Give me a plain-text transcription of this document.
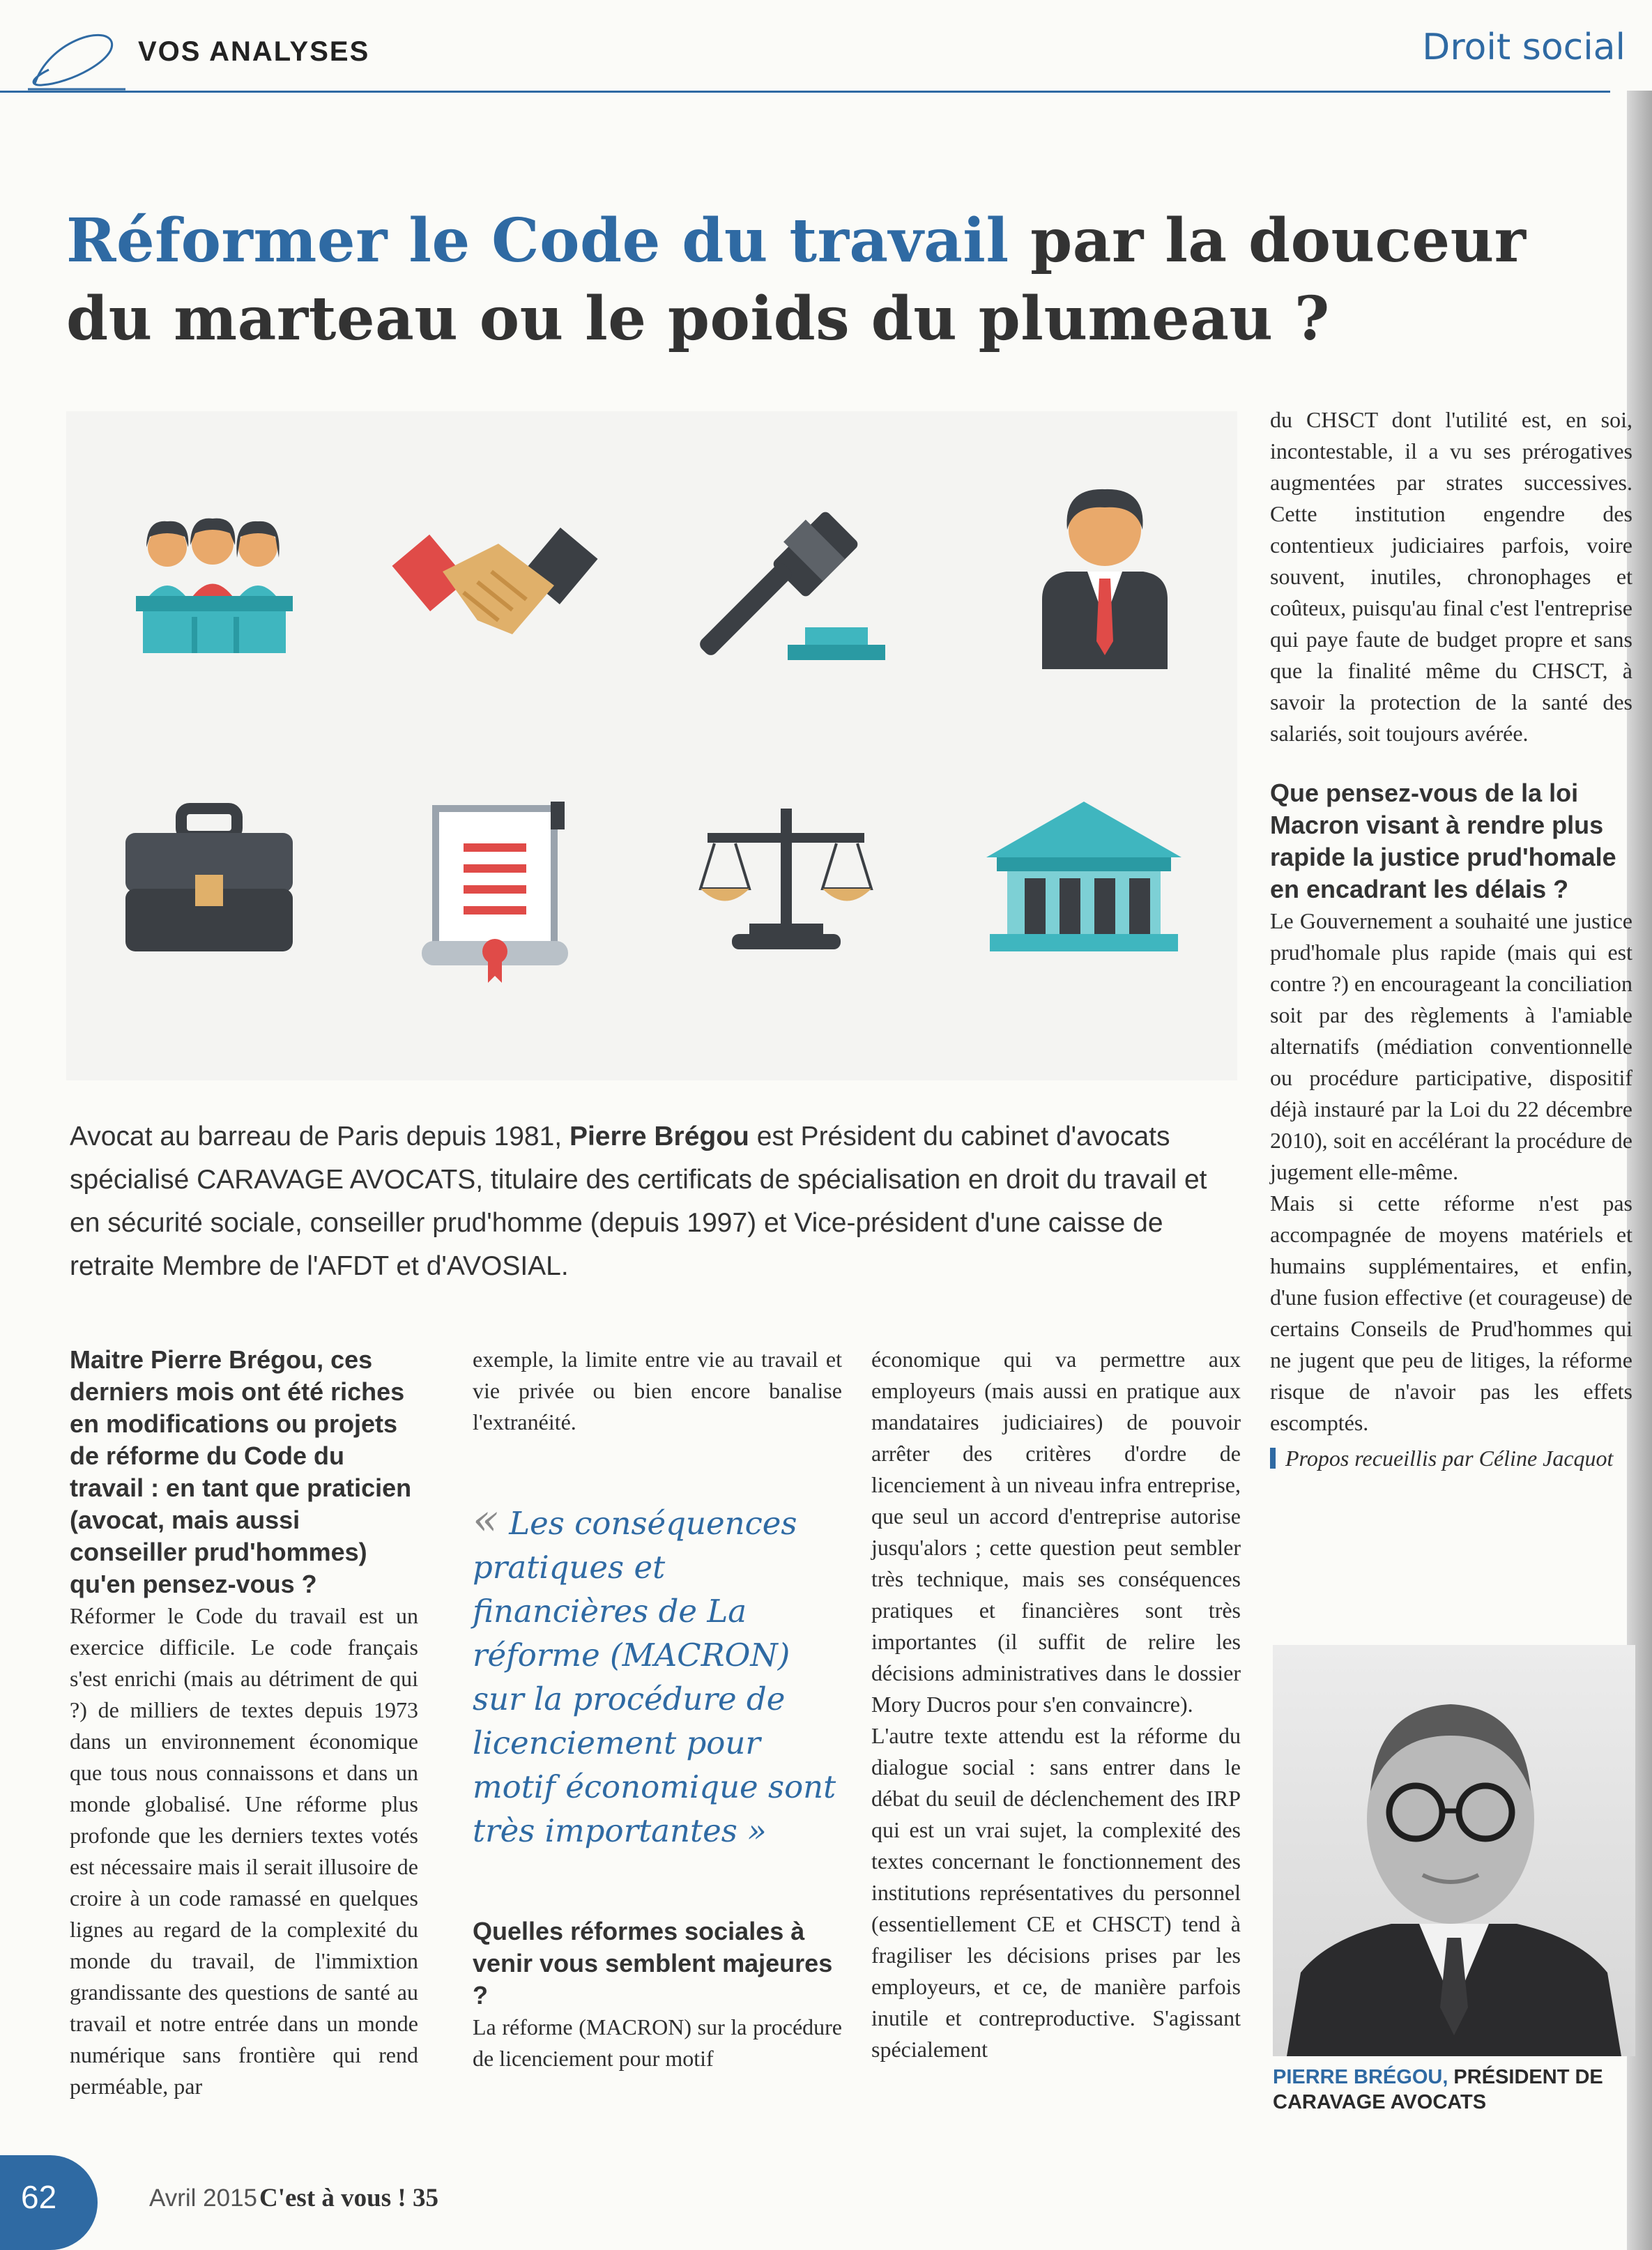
VOS ANALYSES	Droit social
Réformer le Code du travail par la douceur du marteau ou le poids du plumeau ?

Avocat au barreau de Paris depuis 1981, Pierre Brégou est Président du cabinet d'avocats spécialisé CARAVAGE AVOCATS, titulaire des certificats de spécialisation en droit du travail et en sécurité sociale, conseiller prud'homme (depuis 1997) et Vice-président d'une caisse de retraite Membre de l'AFDT et d'AVOSIAL.

Maitre Pierre Brégou, ces derniers mois ont été riches en modifications ou projets de réforme du Code du travail : en tant que praticien (avocat, mais aussi conseiller prud'hommes) qu'en pensez-vous ?

Réformer le Code du travail est un exercice difficile. Le code français s'est enrichi (mais au détriment de qui ?) de milliers de textes depuis 1973 dans un environnement économique que tous nous connaissons et dans un monde globalisé. Une réforme plus profonde que les derniers textes votés est nécessaire mais il serait illusoire de croire à un code ramassé en quelques lignes au regard de la complexité du monde du travail, de l'immixtion grandissante des questions de santé au travail et notre entrée dans un monde numérique sans frontière qui rend perméable, par

exemple, la limite entre vie au travail et vie privée ou bien encore banalise l'extranéité.

« Les conséquences pratiques et financières de La réforme (MACRON) sur la procédure de licenciement pour motif économique sont très importantes »

Quelles réformes sociales à venir vous semblent majeures ?

La réforme (MACRON) sur la procédure de licenciement pour motif

économique qui va permettre aux employeurs (mais aussi en pratique aux mandataires judiciaires) de pouvoir arrêter des critères d'ordre de licenciement à un niveau infra entreprise, que seul un accord d'entreprise autorise jusqu'alors ; cette question peut sembler très technique, mais ses conséquences pratiques et financières sont très importantes (il suffit de relire les décisions administratives dans le dossier Mory Ducros pour s'en convaincre).

L'autre texte attendu est la réforme du dialogue social : sans entrer dans le débat du seuil de déclenchement des IRP qui est un vrai sujet, la complexité des textes concernant le fonctionnement des institutions représentatives du personnel (essentiellement CE et CHSCT) tend à fragiliser les décisions prises par les employeurs, et ce, de manière parfois inutile et contreproductive. S'agissant spécialement

du CHSCT dont l'utilité est, en soi, incontestable, il a vu ses prérogatives augmentées par strates successives. Cette institution engendre des contentieux judiciaires parfois, voire souvent, inutiles, chronophages et coûteux, puisqu'au final c'est l'entreprise qui paye faute de budget propre et sans que la finalité même du CHSCT, à savoir la protection de la santé des salariés, soit toujours avérée.

Que pensez-vous de la loi Macron visant à rendre plus rapide la justice prud'homale en encadrant les délais ?

Le Gouvernement a souhaité une justice prud'homale plus rapide (mais qui est contre ?) en encourageant la conciliation soit par des règlements à l'amiable alternatifs (médiation conventionnelle ou procédure participative, dispositif déjà instauré par la Loi du 22 décembre 2010), soit en accélérant la procédure de jugement elle-même.

Mais si cette réforme n'est pas accompagnée de moyens matériels et humains supplémentaires, et enfin, d'une fusion effective (et courageuse) de certains Conseils de Prud'hommes qui ne jugent que peu de litiges, la réforme risque de n'avoir pas les effets escomptés.

Propos recueillis par Céline Jacquot

PIERRE BRÉGOU, PRÉSIDENT DE CARAVAGE AVOCATS
62	Avril 2015 C'est à vous ! 35
